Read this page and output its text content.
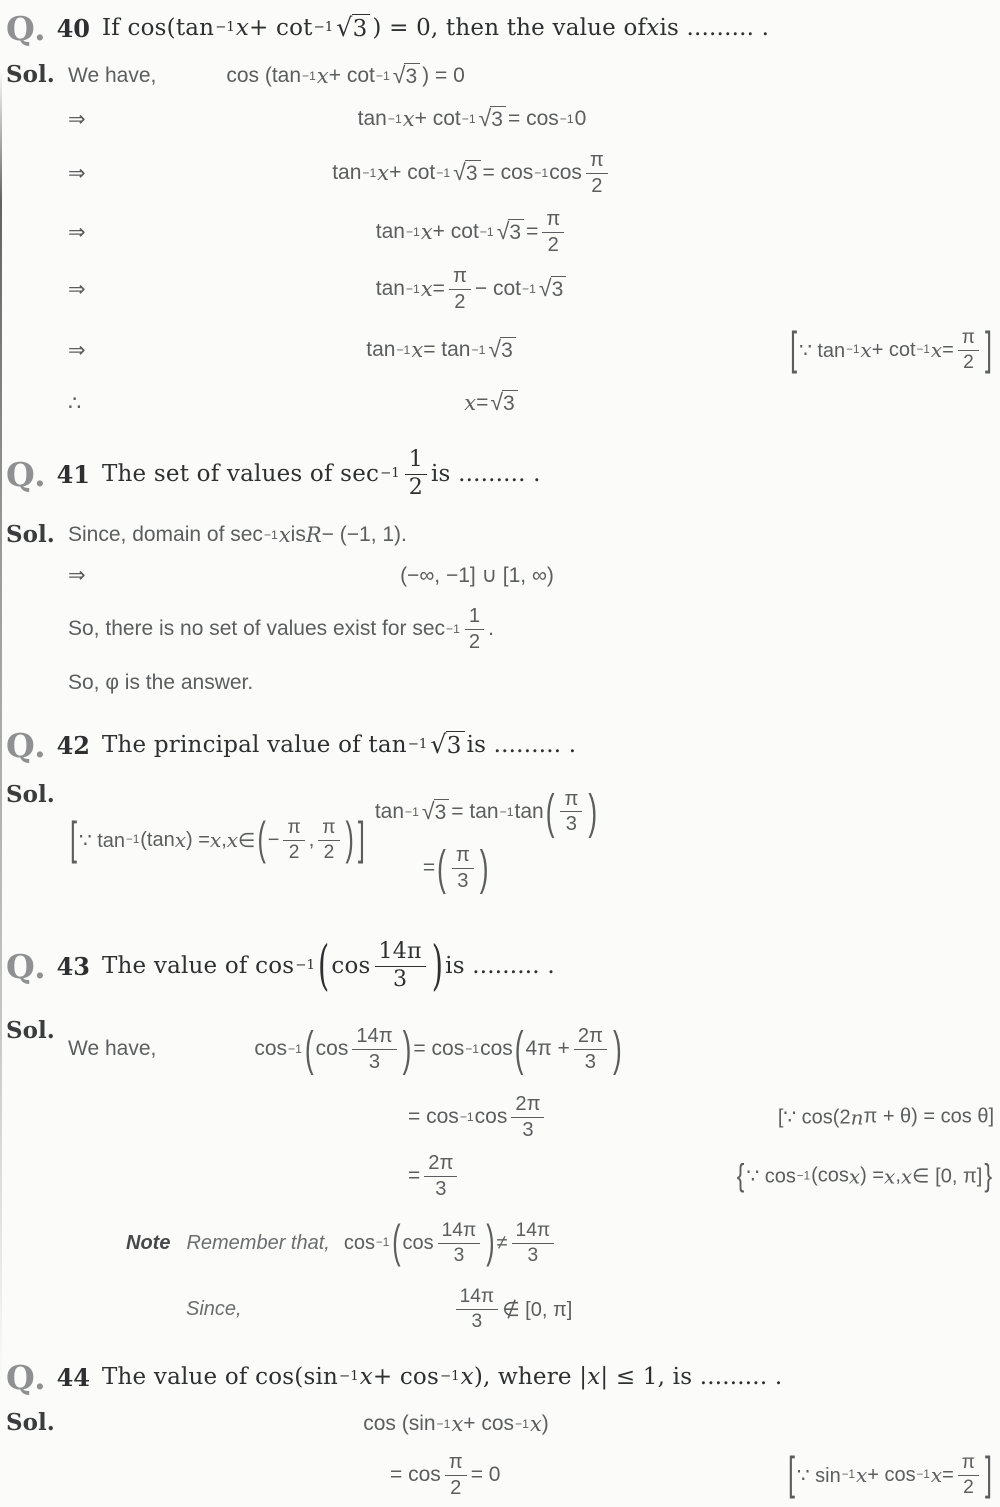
Q. 40 If cos(tan −1 x + cot −1 √ 3 ) = 0, then the value of x is ......... .
Sol. We have,	cos (tan −1 x + cot −1 √ 3 ) = 0
⇒	tan −1 x + cot −1 √ 3 = cos −1 0
⇒	tan −1 x + cot −1 √ 3 = cos −1 cos
π
2
⇒	tan −1 x + cot −1 √ 3 =
π
2
⇒	tan −1 x =
π
2
− cot −1 √ 3
⇒	tan −1 x = tan −1 √ 3	[ ∵ tan −1 x + cot −1 x =
π
2 ]
∴	x = √ 3
Q. 41 The set of values of sec −1
1
2 is ......... .
Sol. Since, domain of sec −1 x is R − (−1, 1).
⇒	(−∞, −1] ∪ [1, ∞)
So, there is no set of values exist for sec −1
1
2
.
So, φ is the answer.
Q. 42 The principal value of tan −1 √ 3 is ......... .
Sol.
[ ∵ tan −1 (tan x ) = x , x ∈ ( −
π
2
,
π
2 ) ]
tan −1 √ 3 = tan −1 tan ( π
3 )
= ( π
3 )
Q. 43 The value of cos −1 ( cos
14π
3 ) is ......... .
Sol.
We have,	cos −1 ( cos
14π
3 ) = cos −1 cos ( 4π +
2π
3 )
= cos −1 cos
2π
3
[∵ cos(2 n π + θ) = cos θ]
=
2π
3	{ ∵ cos −1 (cos x ) = x , x ∈ [0, π] }
Note Remember that, cos −1 ( cos
14π
3 ) ≠
14π
3
Since,
14π
3
∉ [0, π]
Q. 44 The value of cos(sin −1 x + cos −1 x ), where | x | ≤ 1, is ......... .
Sol.	cos (sin −1 x + cos −1 x )
= cos
π
2
= 0	[ ∵ sin −1 x + cos −1 x =
π
2 ]
